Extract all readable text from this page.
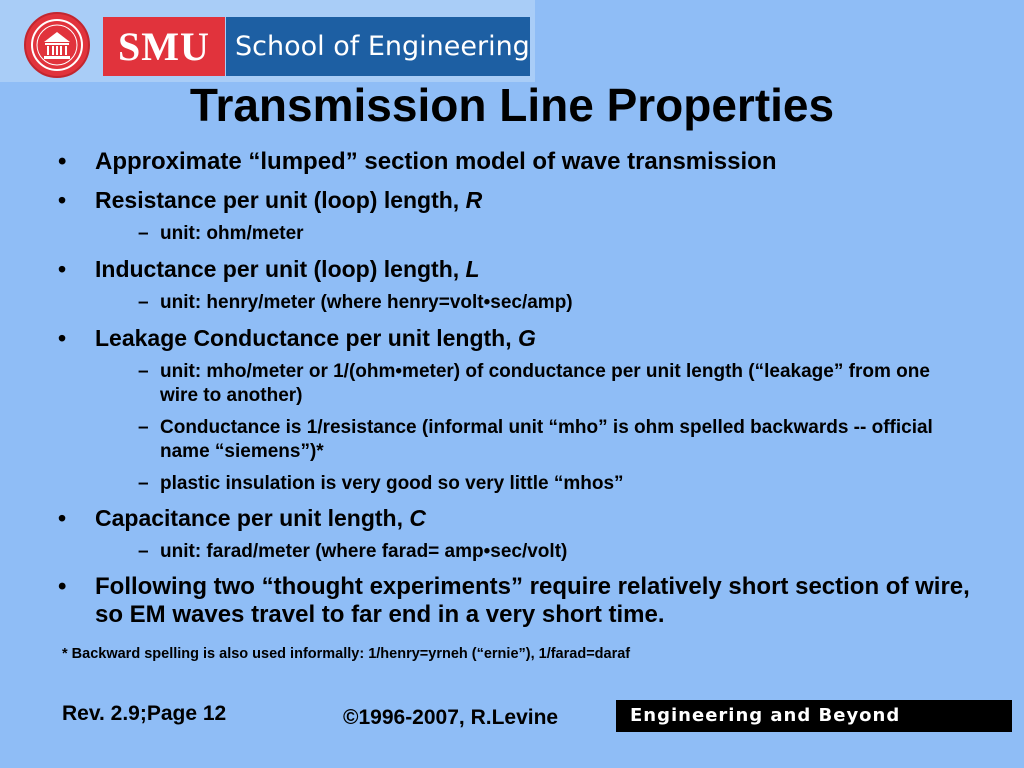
SMU School of Engineering
Transmission Line Properties
• Approximate “lumped” section model of wave transmission
• Resistance per unit (loop) length, R
– unit: ohm/meter
• Inductance per unit (loop) length, L
– unit: henry/meter (where henry=volt•sec/amp)
• Leakage Conductance per unit length, G
– unit: mho/meter or 1/(ohm•meter) of conductance per unit length (“leakage” from one wire to another)
– Conductance is 1/resistance (informal unit “mho” is ohm spelled backwards -- official name “siemens”)*
– plastic insulation is very good so very little “mhos”
• Capacitance per unit length, C
– unit: farad/meter (where farad= amp•sec/volt)
• Following two “thought experiments” require relatively short section of wire, so EM waves travel to far end in a very short time.
* Backward spelling is also used informally: 1/henry=yrneh (“ernie”), 1/farad=daraf
Rev. 2.9;Page 12	©1996-2007, R.Levine	Engineering and Beyond
